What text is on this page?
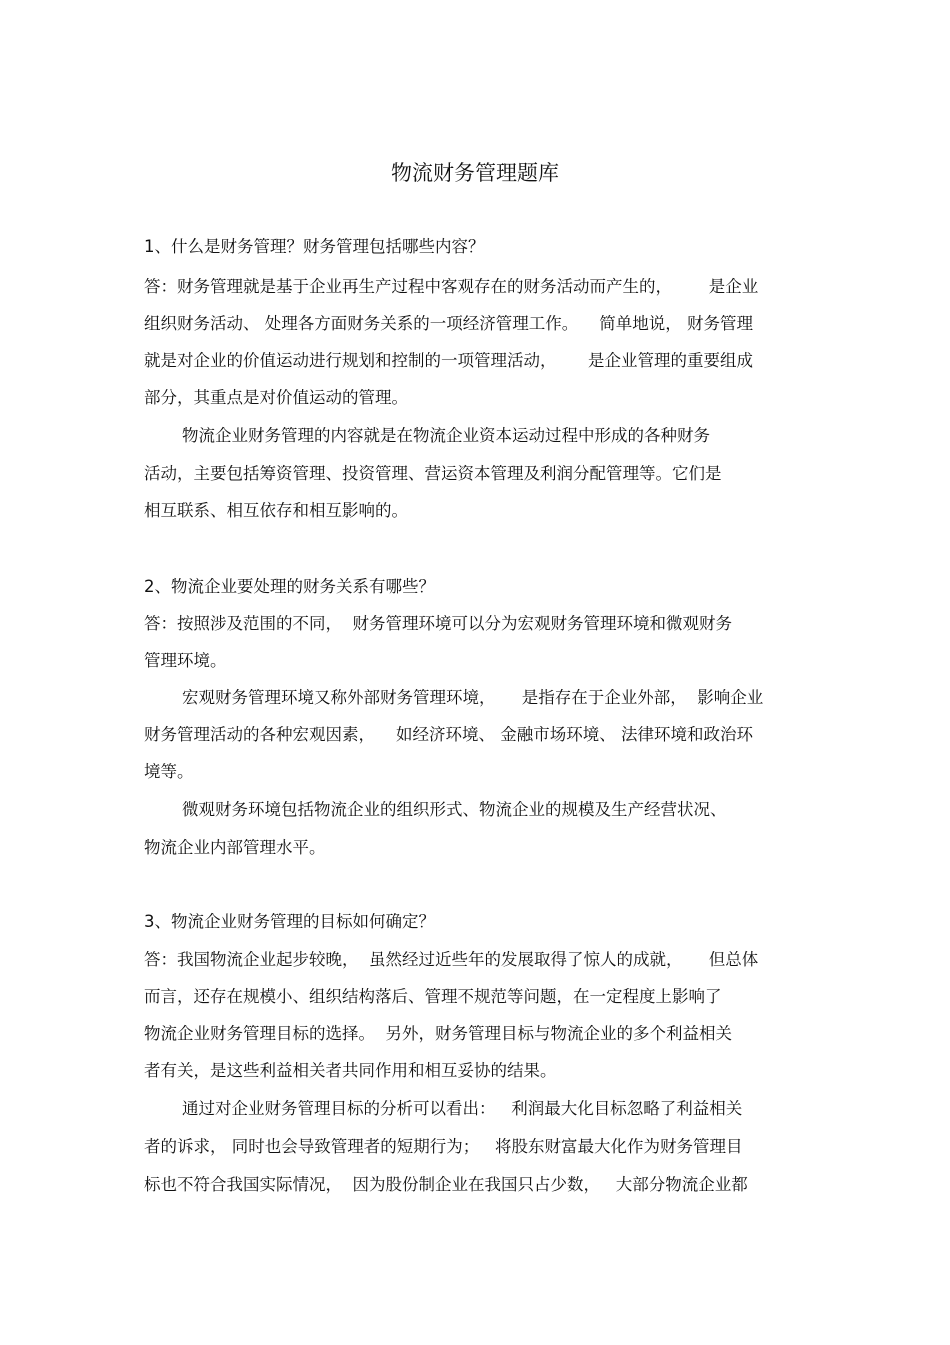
物流财务管理题库
1、什么是财务管理？财务管理包括哪些内容？
答：财务管理就是基于企业再生产过程中客观存在的财务活动而产生的，       是企业
组织财务活动、 处理各方面财务关系的一项经济管理工作。    简单地说， 财务管理
就是对企业的价值运动进行规划和控制的一项管理活动，      是企业管理的重要组成
部分，其重点是对价值运动的管理。
物流企业财务管理的内容就是在物流企业资本运动过程中形成的各种财务
活动，主要包括筹资管理、投资管理、营运资本管理及利润分配管理等。它们是
相互联系、相互依存和相互影响的。
2、物流企业要处理的财务关系有哪些？
答：按照涉及范围的不同，  财务管理环境可以分为宏观财务管理环境和微观财务
管理环境。
宏观财务管理环境又称外部财务管理环境，     是指存在于企业外部，  影响企业
财务管理活动的各种宏观因素，    如经济环境、 金融市场环境、 法律环境和政治环
境等。
微观财务环境包括物流企业的组织形式、物流企业的规模及生产经营状况、
物流企业内部管理水平。
3、物流企业财务管理的目标如何确定？
答：我国物流企业起步较晚，  虽然经过近些年的发展取得了惊人的成就，     但总体
而言，还存在规模小、组织结构落后、管理不规范等问题，在一定程度上影响了
物流企业财务管理目标的选择。  另外，财务管理目标与物流企业的多个利益相关
者有关，是这些利益相关者共同作用和相互妥协的结果。
通过对企业财务管理目标的分析可以看出：   利润最大化目标忽略了利益相关
者的诉求， 同时也会导致管理者的短期行为；   将股东财富最大化作为财务管理目
标也不符合我国实际情况，  因为股份制企业在我国只占少数，   大部分物流企业都
